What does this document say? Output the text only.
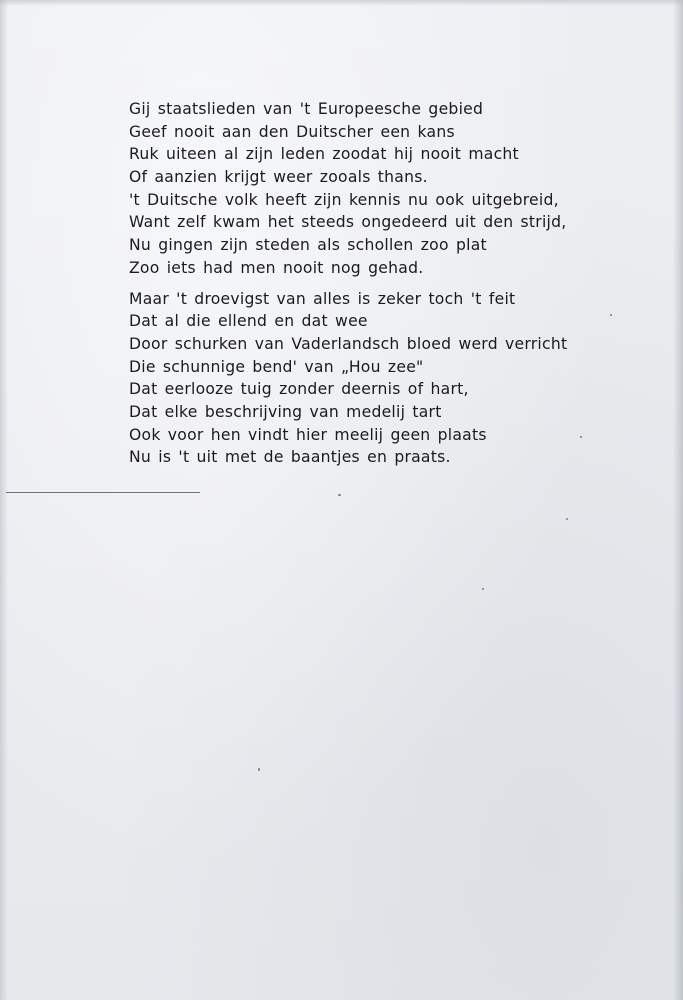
Gij staatslieden van 't Europeesche gebied
Geef nooit aan den Duitscher een kans
Ruk uiteen al zijn leden zoodat hij nooit macht
Of aanzien krijgt weer zooals thans.
't Duitsche volk heeft zijn kennis nu ook uitgebreid,
Want zelf kwam het steeds ongedeerd uit den strijd,
Nu gingen zijn steden als schollen zoo plat
Zoo iets had men nooit nog gehad.
Maar 't droevigst van alles is zeker toch 't feit
Dat al die ellend en dat wee
Door schurken van Vaderlandsch bloed werd verricht
Die schunnige bend' van „Hou zee"
Dat eerlooze tuig zonder deernis of hart,
Dat elke beschrijving van medelij tart
Ook voor hen vindt hier meelij geen plaats
Nu is 't uit met de baantjes en praats.
